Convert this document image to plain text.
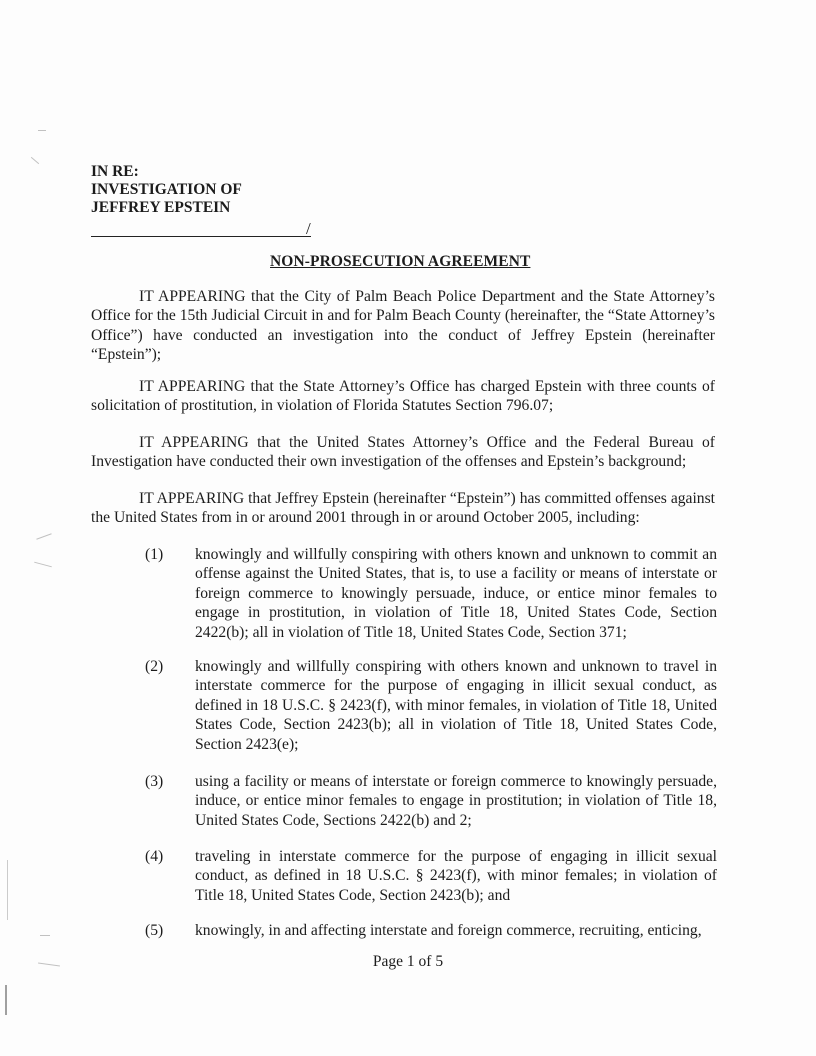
IN RE:
INVESTIGATION OF
JEFFREY EPSTEIN
/
NON-PROSECUTION AGREEMENT
IT APPEARING that the City of Palm Beach Police Department and the State Attorney’s Office for the 15th Judicial Circuit in and for Palm Beach County (hereinafter, the “State Attorney’s Office”) have conducted an investigation into the conduct of Jeffrey Epstein (hereinafter “Epstein”);
IT APPEARING that the State Attorney’s Office has charged Epstein with three counts of solicitation of prostitution, in violation of Florida Statutes Section 796.07;
IT APPEARING that the United States Attorney’s Office and the Federal Bureau of Investigation have conducted their own investigation of the offenses and Epstein’s background;
IT APPEARING that Jeffrey Epstein (hereinafter “Epstein”) has committed offenses against the United States from in or around 2001 through in or around October 2005, including:
(1)	knowingly and willfully conspiring with others known and unknown to commit an offense against the United States, that is, to use a facility or means of interstate or foreign commerce to knowingly persuade, induce, or entice minor females to engage in prostitution, in violation of Title 18, United States Code, Section 2422(b); all in violation of Title 18, United States Code, Section 371;
(2)	knowingly and willfully conspiring with others known and unknown to travel in interstate commerce for the purpose of engaging in illicit sexual conduct, as defined in 18 U.S.C. § 2423(f), with minor females, in violation of Title 18, United States Code, Section 2423(b); all in violation of Title 18, United States Code, Section 2423(e);
(3)	using a facility or means of interstate or foreign commerce to knowingly persuade, induce, or entice minor females to engage in prostitution; in violation of Title 18, United States Code, Sections 2422(b) and 2;
(4)	traveling in interstate commerce for the purpose of engaging in illicit sexual conduct, as defined in 18 U.S.C. § 2423(f), with minor females; in violation of Title 18, United States Code, Section 2423(b); and
(5)	knowingly, in and affecting interstate and foreign commerce, recruiting, enticing,
Page 1 of 5
